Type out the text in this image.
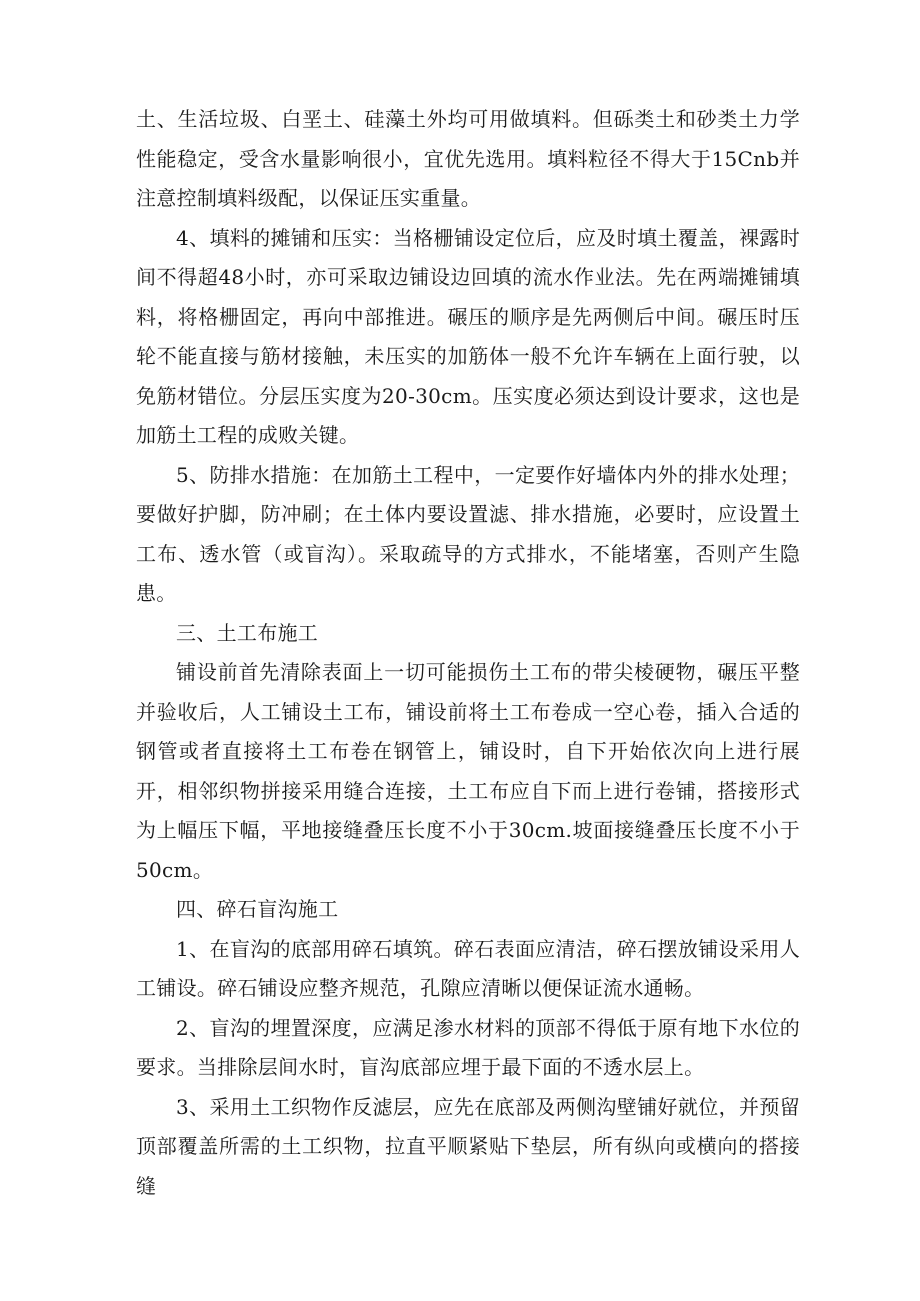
土、生活垃圾、白垩土、硅藻土外均可用做填料。但砾类土和砂类土力学性能稳定，受含水量影响很小，宜优先选用。填料粒径不得大于15Cnb并注意控制填料级配，以保证压实重量。

4、填料的摊铺和压实：当格栅铺设定位后，应及时填土覆盖，裸露时间不得超48小时，亦可采取边铺设边回填的流水作业法。先在两端摊铺填料，将格栅固定，再向中部推进。碾压的顺序是先两侧后中间。碾压时压轮不能直接与筋材接触，未压实的加筋体一般不允许车辆在上面行驶，以免筋材错位。分层压实度为20-30cm。压实度必须达到设计要求，这也是加筋土工程的成败关键。

5、防排水措施：在加筋土工程中，一定要作好墙体内外的排水处理；要做好护脚，防冲刷；在土体内要设置滤、排水措施，必要时，应设置土工布、透水管（或盲沟）。采取疏导的方式排水，不能堵塞，否则产生隐患。

三、土工布施工

铺设前首先清除表面上一切可能损伤土工布的带尖棱硬物，碾压平整并验收后，人工铺设土工布，铺设前将土工布卷成一空心卷，插入合适的钢管或者直接将土工布卷在钢管上，铺设时，自下开始依次向上进行展开，相邻织物拼接采用缝合连接，土工布应自下而上进行卷铺，搭接形式为上幅压下幅，平地接缝叠压长度不小于30cm.坡面接缝叠压长度不小于50cm。

四、碎石盲沟施工

1、在盲沟的底部用碎石填筑。碎石表面应清洁，碎石摆放铺设采用人工铺设。碎石铺设应整齐规范，孔隙应清晰以便保证流水通畅。

2、盲沟的埋置深度，应满足渗水材料的顶部不得低于原有地下水位的要求。当排除层间水时，盲沟底部应埋于最下面的不透水层上。

3、采用土工织物作反滤层，应先在底部及两侧沟壁铺好就位，并预留顶部覆盖所需的土工织物，拉直平顺紧贴下垫层，所有纵向或横向的搭接缝
